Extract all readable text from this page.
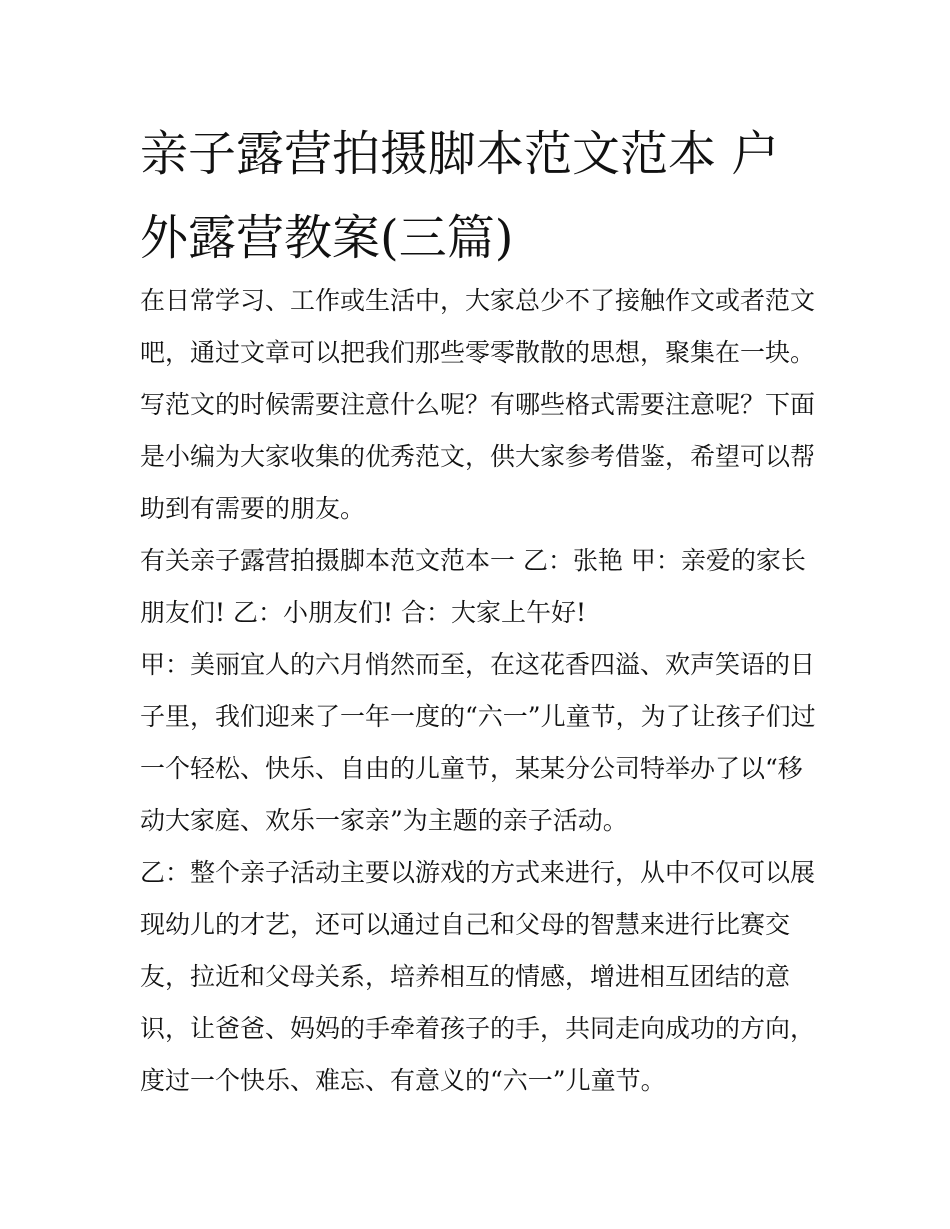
亲子露营拍摄脚本范文范本 户外露营教案(三篇)

在日常学习、工作或生活中，大家总少不了接触作文或者范文吧，通过文章可以把我们那些零零散散的思想，聚集在一块。写范文的时候需要注意什么呢？有哪些格式需要注意呢？下面是小编为大家收集的优秀范文，供大家参考借鉴，希望可以帮助到有需要的朋友。

有关亲子露营拍摄脚本范文范本一 乙：张艳 甲：亲爱的家长朋友们! 乙：小朋友们! 合：大家上午好!

甲：美丽宜人的六月悄然而至，在这花香四溢、欢声笑语的日子里，我们迎来了一年一度的“六一”儿童节，为了让孩子们过一个轻松、快乐、自由的儿童节，某某分公司特举办了以“移动大家庭、欢乐一家亲”为主题的亲子活动。

乙：整个亲子活动主要以游戏的方式来进行，从中不仅可以展现幼儿的才艺，还可以通过自己和父母的智慧来进行比赛交友，拉近和父母关系，培养相互的情感，增进相互团结的意识，让爸爸、妈妈的手牵着孩子的手，共同走向成功的方向，度过一个快乐、难忘、有意义的“六一”儿童节。
